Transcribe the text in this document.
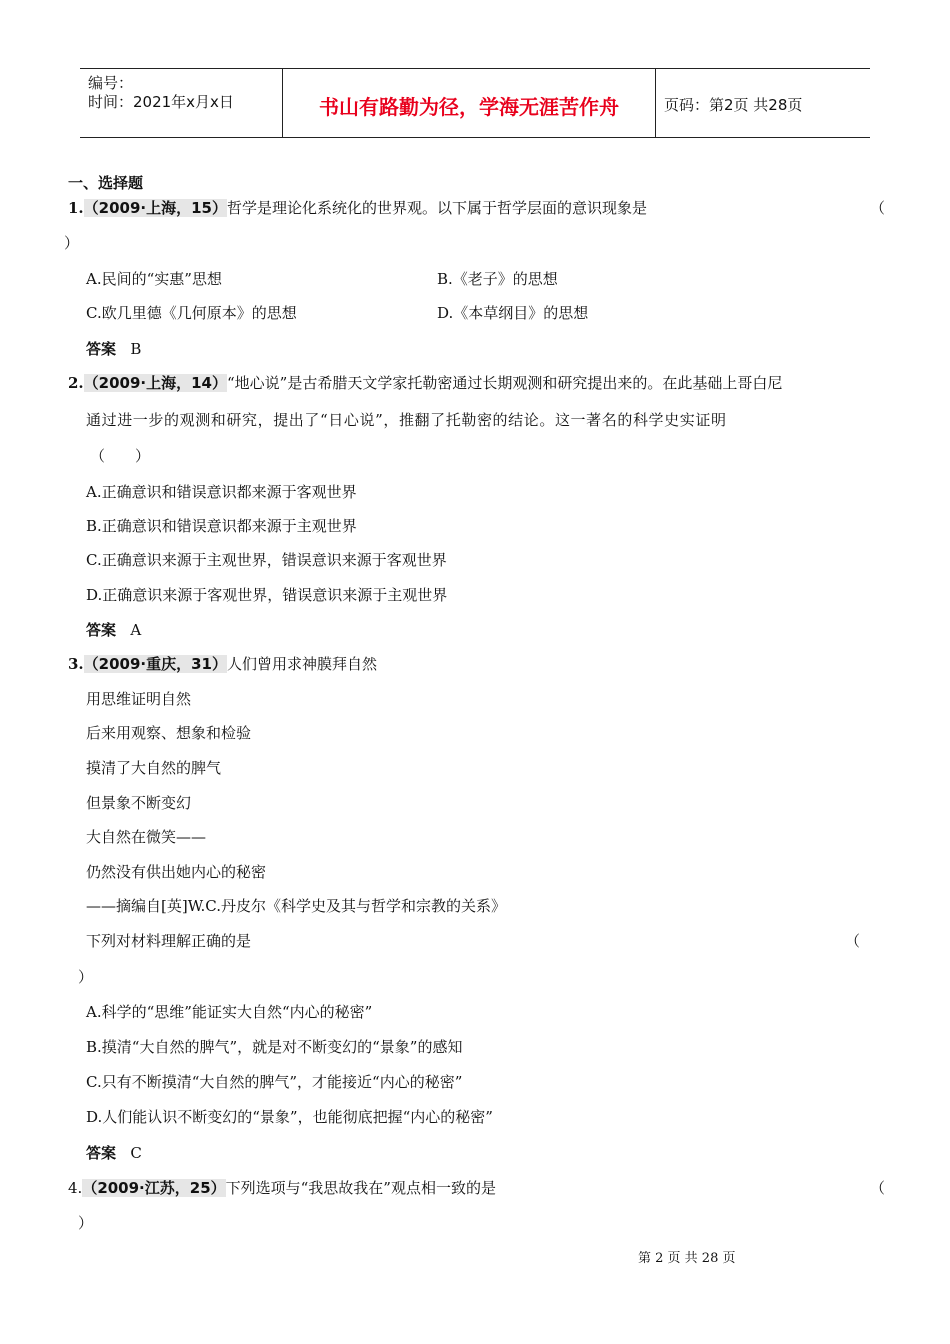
编号：
时间：2021年x月x日	书山有路勤为径，学海无涯苦作舟	页码：第2页 共28页
一、选择题
1.（2009·上海，15）哲学是理论化系统化的世界观。以下属于哲学层面的意识现象是	（
）
A.民间的“实惠”思想	B.《老子》的思想
C.欧几里德《几何原本》的思想	D.《本草纲目》的思想
答案 B
2.（2009·上海，14）“地心说”是古希腊天文学家托勒密通过长期观测和研究提出来的。在此基础上哥白尼
通过进一步的观测和研究，提出了“日心说”，推翻了托勒密的结论。这一著名的科学史实证明
（　　）
A.正确意识和错误意识都来源于客观世界
B.正确意识和错误意识都来源于主观世界
C.正确意识来源于主观世界，错误意识来源于客观世界
D.正确意识来源于客观世界，错误意识来源于主观世界
答案 A
3.（2009·重庆，31）人们曾用求神膜拜自然
用思维证明自然
后来用观察、想象和检验
摸清了大自然的脾气
但景象不断变幻
大自然在微笑——
仍然没有供出她内心的秘密
——摘编自[英]W.C.丹皮尔《科学史及其与哲学和宗教的关系》
下列对材料理解正确的是	（
）
A.科学的“思维”能证实大自然“内心的秘密”
B.摸清“大自然的脾气”，就是对不断变幻的“景象”的感知
C.只有不断摸清“大自然的脾气”，才能接近“内心的秘密”
D.人们能认识不断变幻的“景象”，也能彻底把握“内心的秘密”
答案 C
4.（2009·江苏，25）下列选项与“我思故我在”观点相一致的是	（
）
第 2 页 共 28 页
